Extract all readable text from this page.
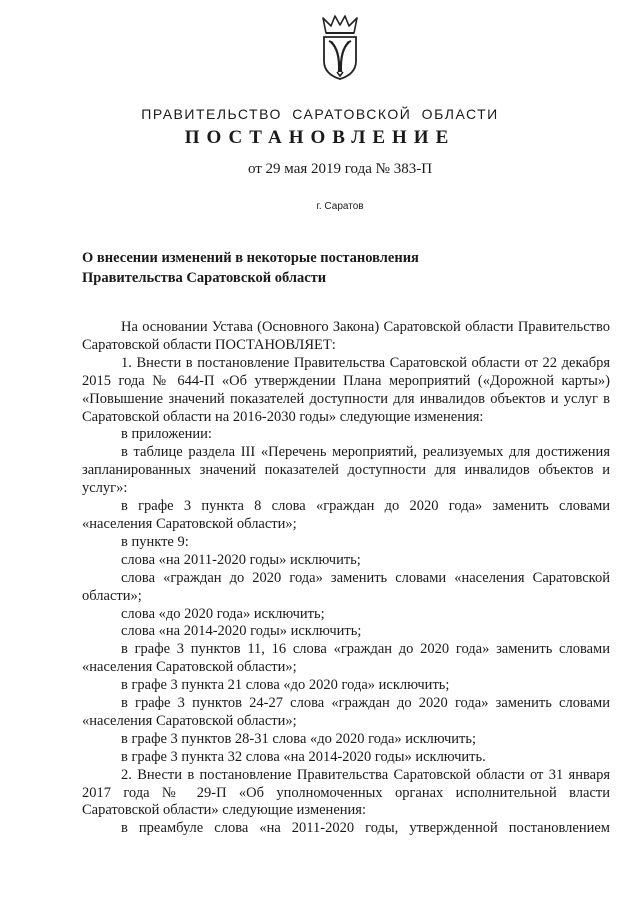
ПРАВИТЕЛЬСТВО САРАТОВСКОЙ ОБЛАСТИ
ПОСТАНОВЛЕНИЕ
от 29 мая 2019 года № 383-П
г. Саратов
О внесении изменений в некоторые постановления
Правительства Саратовской области

На основании Устава (Основного Закона) Саратовской области Правительство Саратовской области ПОСТАНОВЛЯЕТ:

1. Внести в постановление Правительства Саратовской области от 22 декабря 2015 года № 644-П «Об утверждении Плана мероприятий («Дорожной карты») «Повышение значений показателей доступности для инвалидов объектов и услуг в Саратовской области на 2016-2030 годы» следующие изменения:

в приложении:

в таблице раздела III «Перечень мероприятий, реализуемых для достижения запланированных значений показателей доступности для инвалидов объектов и услуг»:

в графе 3 пункта 8 слова «граждан до 2020 года» заменить словами «населения Саратовской области»;

в пункте 9:

слова «на 2011-2020 годы» исключить;

слова «граждан до 2020 года» заменить словами «населения Саратовской области»;

слова «до 2020 года» исключить;

слова «на 2014-2020 годы» исключить;

в графе 3 пунктов 11, 16 слова «граждан до 2020 года» заменить словами «населения Саратовской области»;

в графе 3 пункта 21 слова «до 2020 года» исключить;

в графе 3 пунктов 24-27 слова «граждан до 2020 года» заменить словами «населения Саратовской области»;

в графе 3 пунктов 28-31 слова «до 2020 года» исключить;

в графе 3 пункта 32 слова «на 2014-2020 годы» исключить.

2. Внести в постановление Правительства Саратовской области от 31 января 2017 года № 29-П «Об уполномоченных органах исполнительной власти Саратовской области» следующие изменения:

в преамбуле слова «на 2011-2020 годы, утвержденной постановлением
